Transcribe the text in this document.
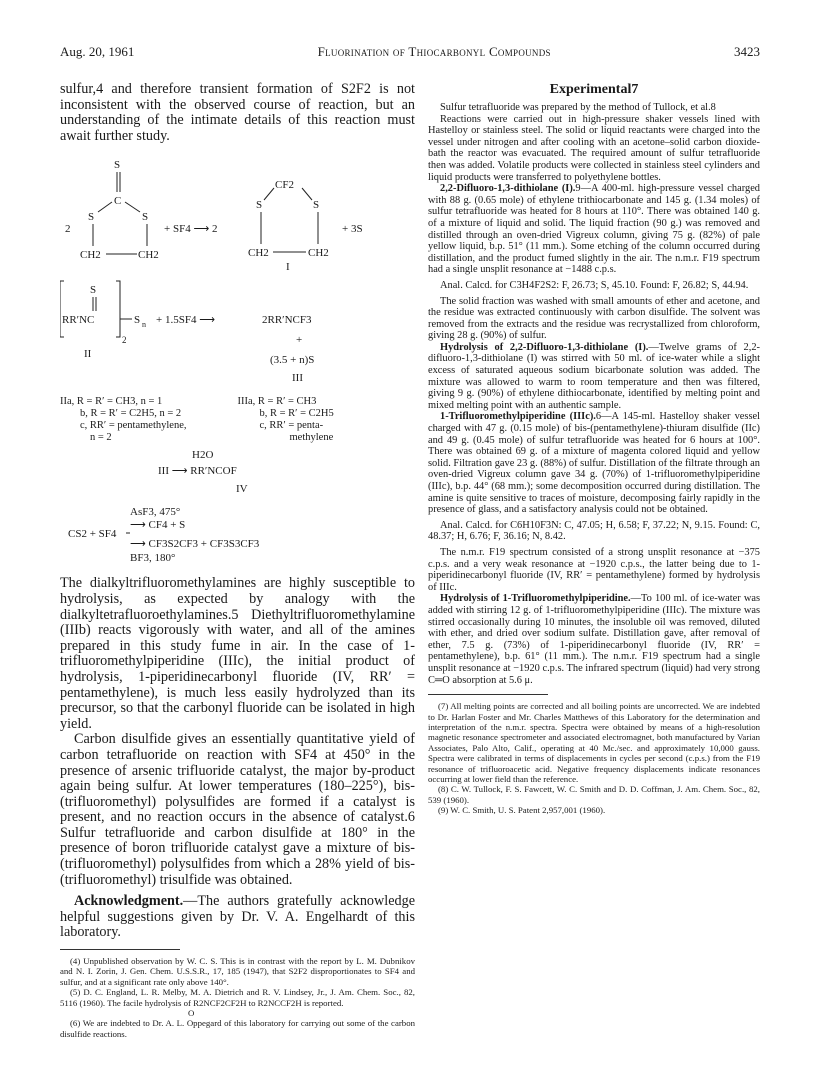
Aug. 20, 1961	Fluorination of Thiocarbonyl Compounds	3423

sulfur,4 and therefore transient formation of S2F2 is not inconsistent with the observed course of reaction, but an understanding of the intimate details of this reaction must await further study.

2
S
C
S	S
CH2	CH2
+ SF4 ⟶ 2
CF2
S	S
CH2	CH2
+ 3S
I

S
RR′NC
2
S n + 1.5SF4 ⟶	2RR′NCF3
+
(3.5 + n)S
II
III
IIa, R = R′ = CH3, n = 1
b, R = R′ = C2H5, n = 2
c, RR′ = pentamethylene,
n = 2
IIIa, R = R′ = CH3
b, R = R′ = C2H5
c, RR′ = penta-
methylene
H2O
III ⟶ RR′NCOF
IV

AsF3, 475°
CS2 + SF4
⟶ CF4 + S
⟶ CF3S2CF3 + CF3S3CF3
BF3, 180°

The dialkyltrifluoromethylamines are highly susceptible to hydrolysis, as expected by analogy with the dialkyltetrafluoroethylamines.5 Diethyltrifluoromethylamine (IIIb) reacts vigorously with water, and all of the amines prepared in this study fume in air. In the case of 1-trifluoromethylpiperidine (IIIc), the initial product of hydrolysis, 1-piperidinecarbonyl fluoride (IV, RR′ = pentamethylene), is much less easily hydrolyzed than its precursor, so that the carbonyl fluoride can be isolated in high yield.

Carbon disulfide gives an essentially quantitative yield of carbon tetrafluoride on reaction with SF4 at 450° in the presence of arsenic trifluoride catalyst, the major by-product again being sulfur. At lower temperatures (180–225°), bis-(trifluoromethyl) polysulfides are formed if a catalyst is present, and no reaction occurs in the absence of catalyst.6 Sulfur tetrafluoride and carbon disulfide at 180° in the presence of boron trifluoride catalyst gave a mixture of bis-(trifluoromethyl) polysulfides from which a 28% yield of bis-(trifluoromethyl) trisulfide was obtained.

Acknowledgment.—The authors gratefully acknowledge helpful suggestions given by Dr. V. A. Engelhardt of this laboratory.

(4) Unpublished observation by W. C. S. This is in contrast with the report by L. M. Dubnikov and N. I. Zorin, J. Gen. Chem. U.S.S.R., 17, 185 (1947), that S2F2 disproportionates to SF4 and sulfur, and at a significant rate only above 140°.

(5) D. C. England, L. R. Melby, M. A. Dietrich and R. V. Lindsey, Jr., J. Am. Chem. Soc., 82, 5116 (1960). The facile hydrolysis of R2NCF2CF2H to R2NCCF2H is reported.

O

(6) We are indebted to Dr. A. L. Oppegard of this laboratory for carrying out some of the carbon disulfide reactions.

Experimental7

Sulfur tetrafluoride was prepared by the method of Tullock, et al.8

Reactions were carried out in high-pressure shaker vessels lined with Hastelloy or stainless steel. The solid or liquid reactants were charged into the vessel under nitrogen and after cooling with an acetone–solid carbon dioxide-bath the reactor was evacuated. The required amount of sulfur tetrafluoride then was added. Volatile products were collected in stainless steel cylinders and liquid products were transferred to polyethylene bottles.

2,2-Difluoro-1,3-dithiolane (I).9—A 400-ml. high-pressure vessel charged with 88 g. (0.65 mole) of ethylene trithiocarbonate and 145 g. (1.34 moles) of sulfur tetrafluoride was heated for 8 hours at 110°. There was obtained 140 g. of a mixture of liquid and solid. The liquid fraction (90 g.) was removed and distilled through an oven-dried Vigreux column, giving 75 g. (82%) of pale yellow liquid, b.p. 51° (11 mm.). Some etching of the column occurred during distillation, and the product fumed slightly in the air. The n.m.r. F19 spectrum had a single unsplit resonance at −1488 c.p.s.

Anal. Calcd. for C3H4F2S2: F, 26.73; S, 45.10. Found: F, 26.82; S, 44.94.

The solid fraction was washed with small amounts of ether and acetone, and the residue was extracted continuously with carbon disulfide. The solvent was removed from the extracts and the residue was recrystallized from chloroform, giving 28 g. (90%) of sulfur.

Hydrolysis of 2,2-Difluoro-1,3-dithiolane (I).—Twelve grams of 2,2-difluoro-1,3-dithiolane (I) was stirred with 50 ml. of ice-water while a slight excess of saturated aqueous sodium bicarbonate solution was added. The mixture was allowed to warm to room temperature and then was filtered, giving 9 g. (90%) of ethylene dithiocarbonate, identified by melting point and mixed melting point with an authentic sample.

1-Trifluoromethylpiperidine (IIIc).6—A 145-ml. Hastelloy shaker vessel charged with 47 g. (0.15 mole) of bis-(pentamethylene)-thiuram disulfide (IIc) and 49 g. (0.45 mole) of sulfur tetrafluoride was heated for 6 hours at 100°. There was obtained 69 g. of a mixture of magenta colored liquid and yellow solid. Filtration gave 23 g. (88%) of sulfur. Distillation of the filtrate through an oven-dried Vigreux column gave 34 g. (70%) of 1-trifluoromethylpiperidine (IIIc), b.p. 44° (68 mm.); some decomposition occurred during distillation. The amine is quite sensitive to traces of moisture, decomposing fairly rapidly in the presence of glass, and a satisfactory analysis could not be obtained.

Anal. Calcd. for C6H10F3N: C, 47.05; H, 6.58; F, 37.22; N, 9.15. Found: C, 48.37; H, 6.76; F, 36.16; N, 8.42.

The n.m.r. F19 spectrum consisted of a strong unsplit resonance at −375 c.p.s. and a very weak resonance at −1920 c.p.s., the latter being due to 1-piperidinecarbonyl fluoride (IV, RR′ = pentamethylene) formed by hydrolysis of IIIc.

Hydrolysis of 1-Trifluoromethylpiperidine.—To 100 ml. of ice-water was added with stirring 12 g. of 1-trifluoromethylpiperidine (IIIc). The mixture was stirred occasionally during 10 minutes, the insoluble oil was removed, diluted with ether, and dried over sodium sulfate. Distillation gave, after removal of ether, 7.5 g. (73%) of 1-piperidinecarbonyl fluoride (IV, RR′ = pentamethylene), b.p. 61° (11 mm.). The n.m.r. F19 spectrum had a single unsplit resonance at −1920 c.p.s. The infrared spectrum (liquid) had very strong C═O absorption at 5.6 μ.

(7) All melting points are corrected and all boiling points are uncorrected. We are indebted to Dr. Harlan Foster and Mr. Charles Matthews of this Laboratory for the determination and interpretation of the n.m.r. spectra. Spectra were obtained by means of a high-resolution magnetic resonance spectrometer and associated electromagnet, both manufactured by Varian Associates, Palo Alto, Calif., operating at 40 Mc./sec. and approximately 10,000 gauss. Spectra were calibrated in terms of displacements in cycles per second (c.p.s.) from the F19 resonance of trifluoroacetic acid. Negative frequency displacements indicate resonances occurring at lower field than the reference.

(8) C. W. Tullock, F. S. Fawcett, W. C. Smith and D. D. Coffman, J. Am. Chem. Soc., 82, 539 (1960).

(9) W. C. Smith, U. S. Patent 2,957,001 (1960).
